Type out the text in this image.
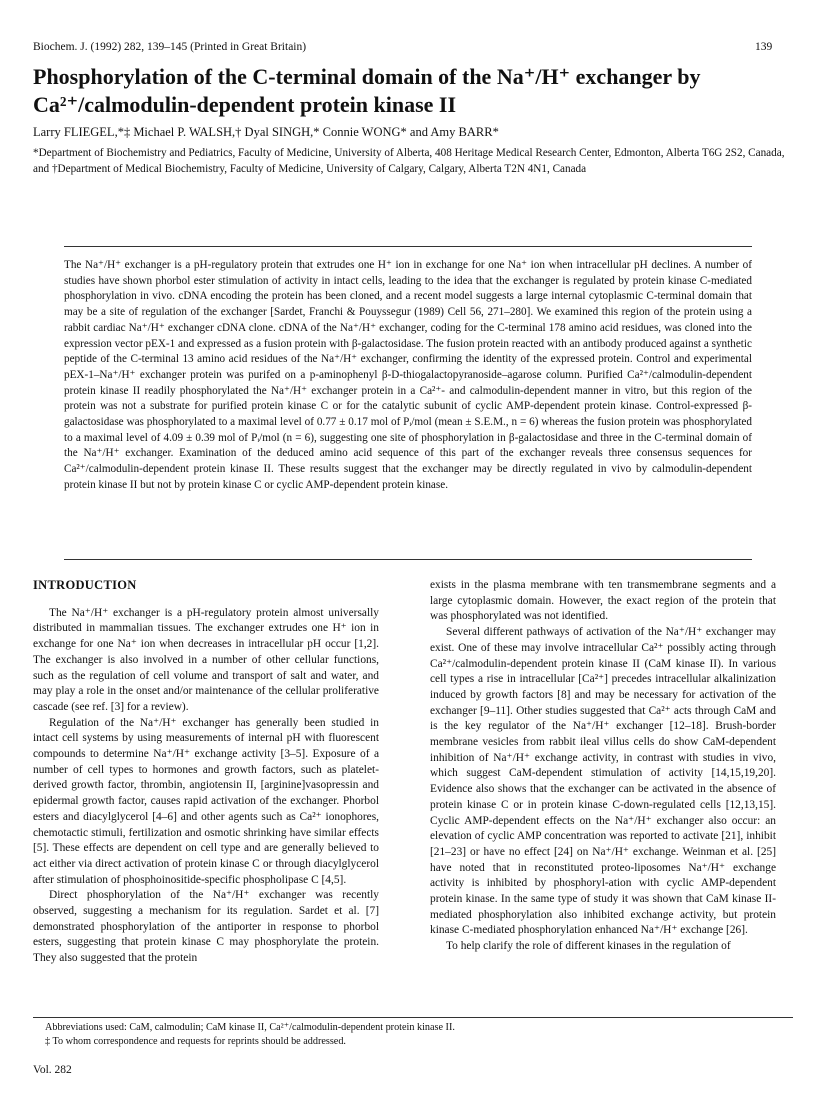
Biochem. J. (1992) 282, 139–145 (Printed in Great Britain)	139
Phosphorylation of the C-terminal domain of the Na⁺/H⁺ exchanger by Ca²⁺/calmodulin-dependent protein kinase II
Larry FLIEGEL,*‡ Michael P. WALSH,† Dyal SINGH,* Connie WONG* and Amy BARR*
*Department of Biochemistry and Pediatrics, Faculty of Medicine, University of Alberta, 408 Heritage Medical Research Center, Edmonton, Alberta T6G 2S2, Canada, and †Department of Medical Biochemistry, Faculty of Medicine, University of Calgary, Calgary, Alberta T2N 4N1, Canada

The Na⁺/H⁺ exchanger is a pH-regulatory protein that extrudes one H⁺ ion in exchange for one Na⁺ ion when intracellular pH declines. A number of studies have shown phorbol ester stimulation of activity in intact cells, leading to the idea that the exchanger is regulated by protein kinase C-mediated phosphorylation in vivo. cDNA encoding the protein has been cloned, and a recent model suggests a large internal cytoplasmic C-terminal domain that may be a site of regulation of the exchanger [Sardet, Franchi & Pouyssegur (1989) Cell 56, 271–280]. We examined this region of the protein using a rabbit cardiac Na⁺/H⁺ exchanger cDNA clone. cDNA of the Na⁺/H⁺ exchanger, coding for the C-terminal 178 amino acid residues, was cloned into the expression vector pEX-1 and expressed as a fusion protein with β-galactosidase. The fusion protein reacted with an antibody produced against a synthetic peptide of the C-terminal 13 amino acid residues of the Na⁺/H⁺ exchanger, confirming the identity of the expressed protein. Control and experimental pEX-1–Na⁺/H⁺ exchanger protein was purifed on a p-aminophenyl β-D-thiogalactopyranoside–agarose column. Purified Ca²⁺/calmodulin-dependent protein kinase II readily phosphorylated the Na⁺/H⁺ exchanger protein in a Ca²⁺- and calmodulin-dependent manner in vitro, but this region of the protein was not a substrate for purified protein kinase C or for the catalytic subunit of cyclic AMP-dependent protein kinase. Control-expressed β-galactosidase was phosphorylated to a maximal level of 0.77 ± 0.17 mol of Pᵢ/mol (mean ± S.E.M., n = 6) whereas the fusion protein was phosphorylated to a maximal level of 4.09 ± 0.39 mol of Pᵢ/mol (n = 6), suggesting one site of phosphorylation in β-galactosidase and three in the C-terminal domain of the Na⁺/H⁺ exchanger. Examination of the deduced amino acid sequence of this part of the exchanger reveals three consensus sequences for Ca²⁺/calmodulin-dependent protein kinase II. These results suggest that the exchanger may be directly regulated in vivo by calmodulin-dependent protein kinase II but not by protein kinase C or cyclic AMP-dependent protein kinase.

INTRODUCTION

The Na⁺/H⁺ exchanger is a pH-regulatory protein almost universally distributed in mammalian tissues. The exchanger extrudes one H⁺ ion in exchange for one Na⁺ ion when decreases in intracellular pH occur [1,2]. The exchanger is also involved in a number of other cellular functions, such as the regulation of cell volume and transport of salt and water, and may play a role in the onset and/or maintenance of the cellular proliferative cascade (see ref. [3] for a review).

Regulation of the Na⁺/H⁺ exchanger has generally been studied in intact cell systems by using measurements of internal pH with fluorescent compounds to determine Na⁺/H⁺ exchange activity [3–5]. Exposure of a number of cell types to hormones and growth factors, such as platelet-derived growth factor, thrombin, angiotensin II, [arginine]vasopressin and epidermal growth factor, causes rapid activation of the exchanger. Phorbol esters and diacylglycerol [4–6] and other agents such as Ca²⁺ ionophores, chemotactic stimuli, fertilization and osmotic shrinking have similar effects [5]. These effects are dependent on cell type and are generally believed to act either via direct activation of protein kinase C or through diacylglycerol after stimulation of phosphoinositide-specific phospholipase C [4,5].

Direct phosphorylation of the Na⁺/H⁺ exchanger was recently observed, suggesting a mechanism for its regulation. Sardet et al. [7] demonstrated phosphorylation of the antiporter in response to phorbol esters, suggesting that protein kinase C may phosphorylate the protein. They also suggested that the protein

exists in the plasma membrane with ten transmembrane segments and a large cytoplasmic domain. However, the exact region of the protein that was phosphorylated was not identified.

Several different pathways of activation of the Na⁺/H⁺ exchanger may exist. One of these may involve intracellular Ca²⁺ possibly acting through Ca²⁺/calmodulin-dependent protein kinase II (CaM kinase II). In various cell types a rise in intracellular [Ca²⁺] precedes intracellular alkalinization induced by growth factors [8] and may be necessary for activation of the exchanger [9–11]. Other studies suggested that Ca²⁺ acts through CaM and is the key regulator of the Na⁺/H⁺ exchanger [12–18]. Brush-border membrane vesicles from rabbit ileal villus cells do show CaM-dependent inhibition of Na⁺/H⁺ exchange activity, in contrast with studies in vivo, which suggest CaM-dependent stimulation of activity [14,15,19,20]. Evidence also shows that the exchanger can be activated in the absence of protein kinase C or in protein kinase C-down-regulated cells [12,13,15]. Cyclic AMP-dependent effects on the Na⁺/H⁺ exchanger also occur: an elevation of cyclic AMP concentration was reported to activate [21], inhibit [21–23] or have no effect [24] on Na⁺/H⁺ exchange. Weinman et al. [25] have noted that in reconstituted proteo-liposomes Na⁺/H⁺ exchange activity is inhibited by phosphoryl-ation with cyclic AMP-dependent protein kinase. In the same type of study it was shown that CaM kinase II-mediated phosphorylation also inhibited exchange activity, but protein kinase C-mediated phosphorylation enhanced Na⁺/H⁺ exchange [26].

To help clarify the role of different kinases in the regulation of

Abbreviations used: CaM, calmodulin; CaM kinase II, Ca²⁺/calmodulin-dependent protein kinase II.
‡ To whom correspondence and requests for reprints should be addressed.
Vol. 282
